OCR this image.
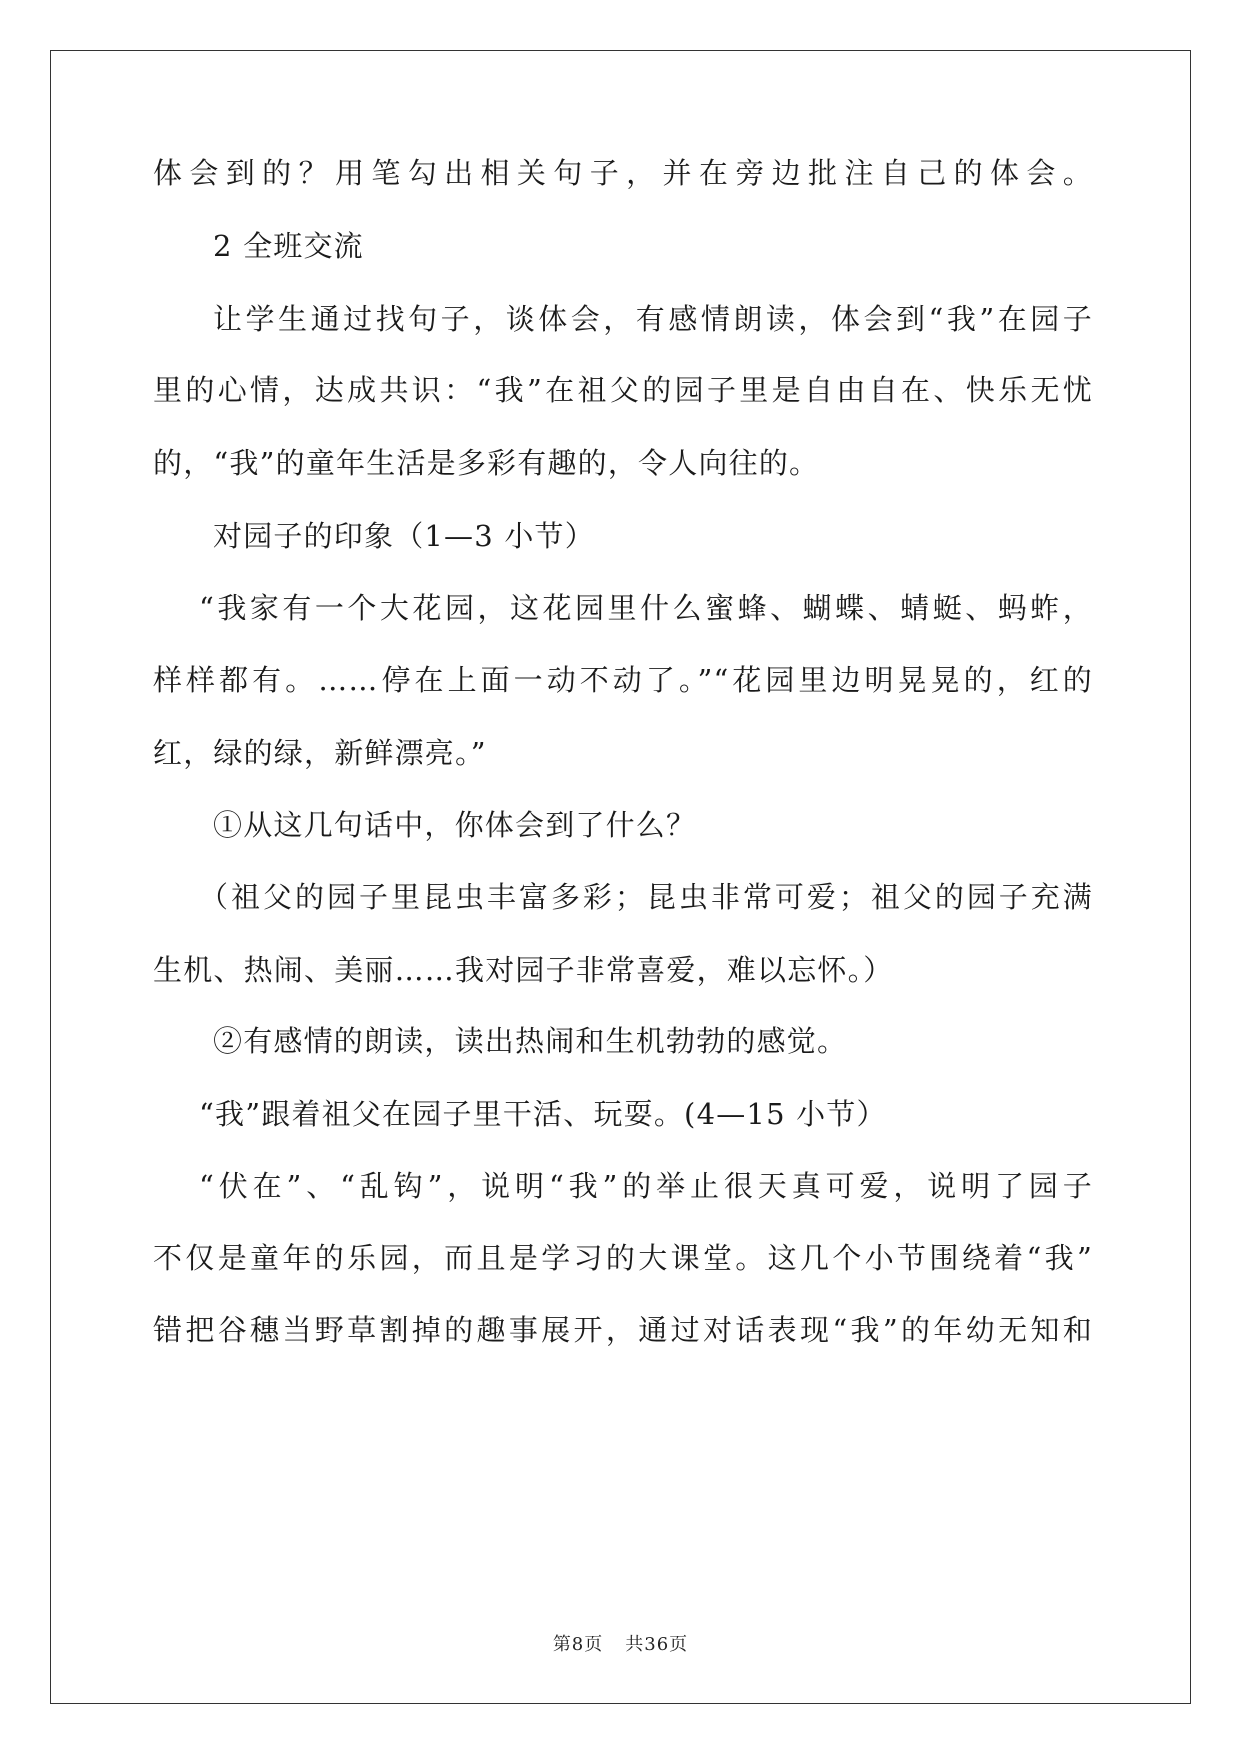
体会到的？用笔勾出相关句子，并在旁边批注自己的体会。
2 全班交流
让学生通过找句子，谈体会，有感情朗读，体会到“我”在园子
里的心情，达成共识：“我”在祖父的园子里是自由自在、快乐无忧
的，“我”的童年生活是多彩有趣的，令人向往的。
对园子的印象（1—3 小节）
“我家有一个大花园，这花园里什么蜜蜂、蝴蝶、蜻蜓、蚂蚱，
样样都有。……停在上面一动不动了。”“花园里边明晃晃的，红的
红，绿的绿，新鲜漂亮。”
①从这几句话中，你体会到了什么？
（祖父的园子里昆虫丰富多彩；昆虫非常可爱；祖父的园子充满
生机、热闹、美丽……我对园子非常喜爱，难以忘怀。）
②有感情的朗读，读出热闹和生机勃勃的感觉。
“我”跟着祖父在园子里干活、玩耍。(4—15 小节）
“伏在”、“乱钩”，说明“我”的举止很天真可爱，说明了园子
不仅是童年的乐园，而且是学习的大课堂。这几个小节围绕着“我”
错把谷穗当野草割掉的趣事展开，通过对话表现“我”的年幼无知和
第8页 共36页
